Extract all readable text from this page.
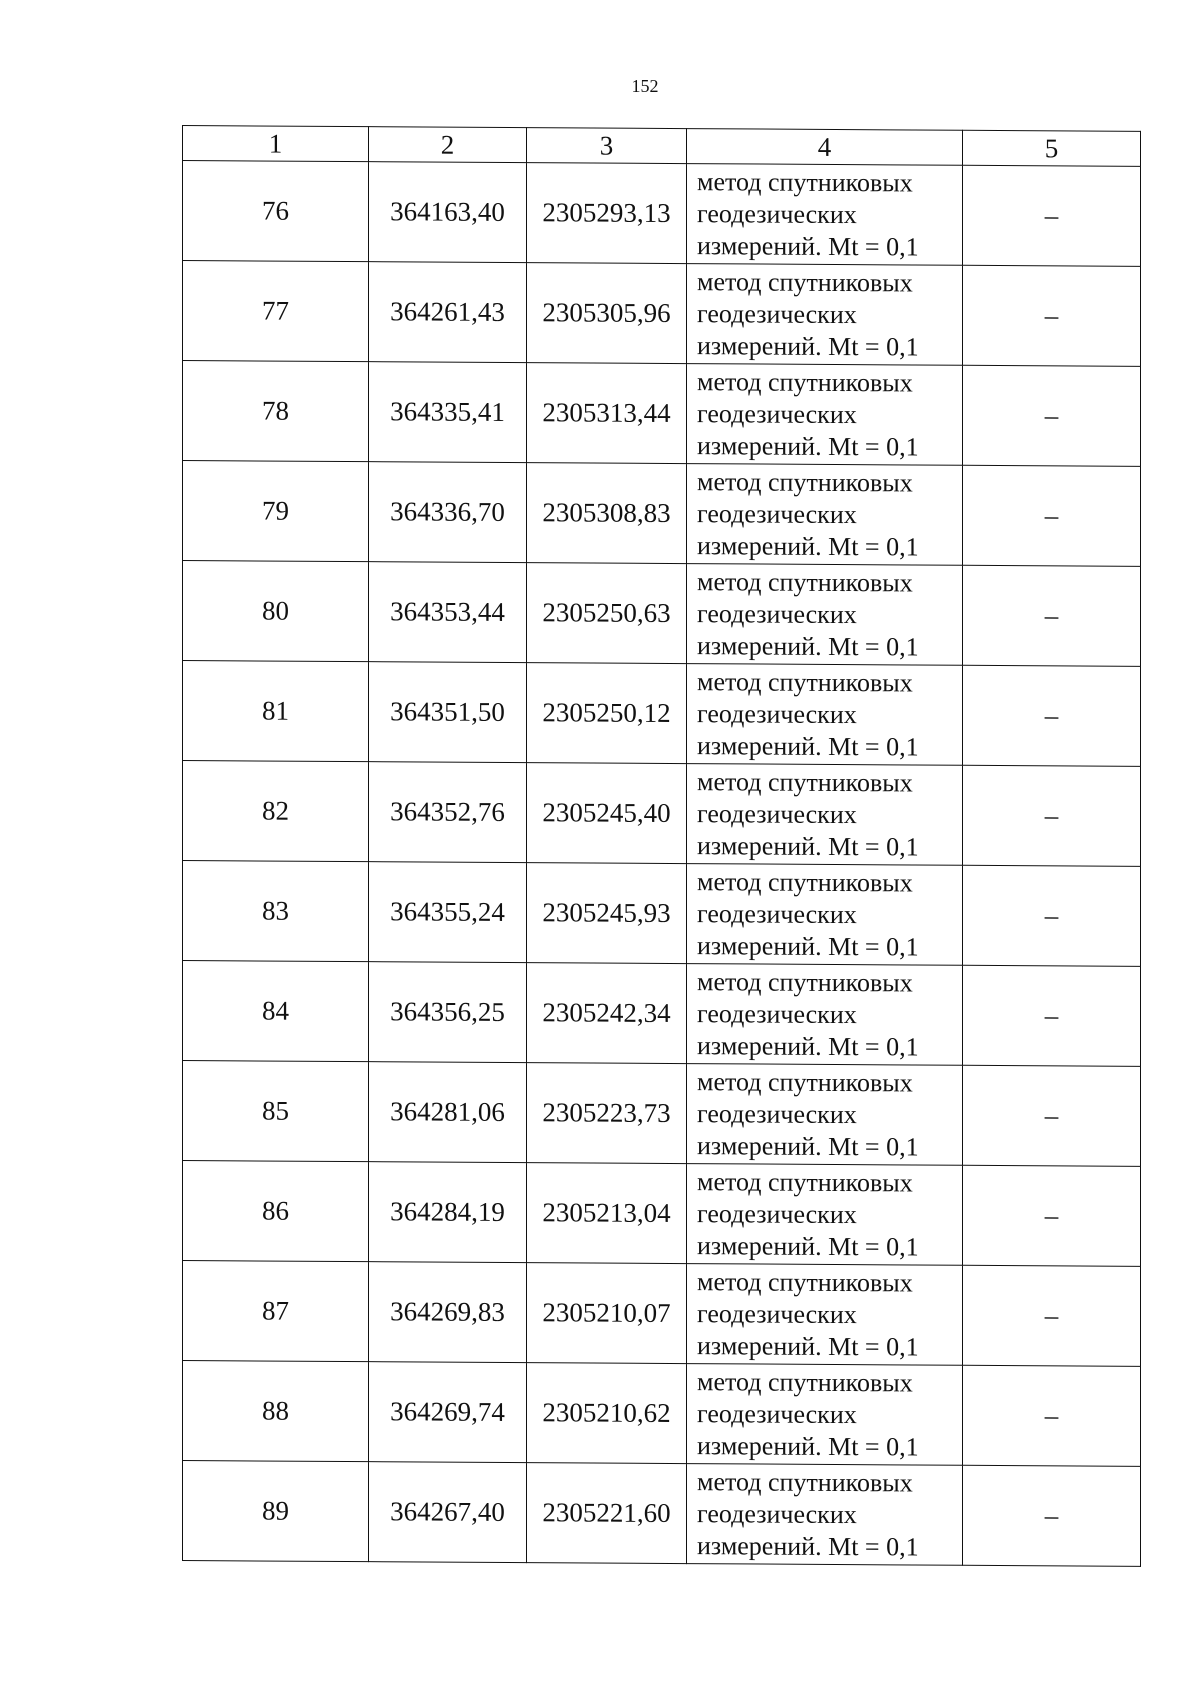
152
1	2	3	4	5
76	364163,40	2305293,13	метод спутниковых
геодезических
измерений. Mt = 0,1	–
77	364261,43	2305305,96	метод спутниковых
геодезических
измерений. Mt = 0,1	–
78	364335,41	2305313,44	метод спутниковых
геодезических
измерений. Mt = 0,1	–
79	364336,70	2305308,83	метод спутниковых
геодезических
измерений. Mt = 0,1	–
80	364353,44	2305250,63	метод спутниковых
геодезических
измерений. Mt = 0,1	–
81	364351,50	2305250,12	метод спутниковых
геодезических
измерений. Mt = 0,1	–
82	364352,76	2305245,40	метод спутниковых
геодезических
измерений. Mt = 0,1	–
83	364355,24	2305245,93	метод спутниковых
геодезических
измерений. Mt = 0,1	–
84	364356,25	2305242,34	метод спутниковых
геодезических
измерений. Mt = 0,1	–
85	364281,06	2305223,73	метод спутниковых
геодезических
измерений. Mt = 0,1	–
86	364284,19	2305213,04	метод спутниковых
геодезических
измерений. Mt = 0,1	–
87	364269,83	2305210,07	метод спутниковых
геодезических
измерений. Mt = 0,1	–
88	364269,74	2305210,62	метод спутниковых
геодезических
измерений. Mt = 0,1	–
89	364267,40	2305221,60	метод спутниковых
геодезических
измерений. Mt = 0,1	–
